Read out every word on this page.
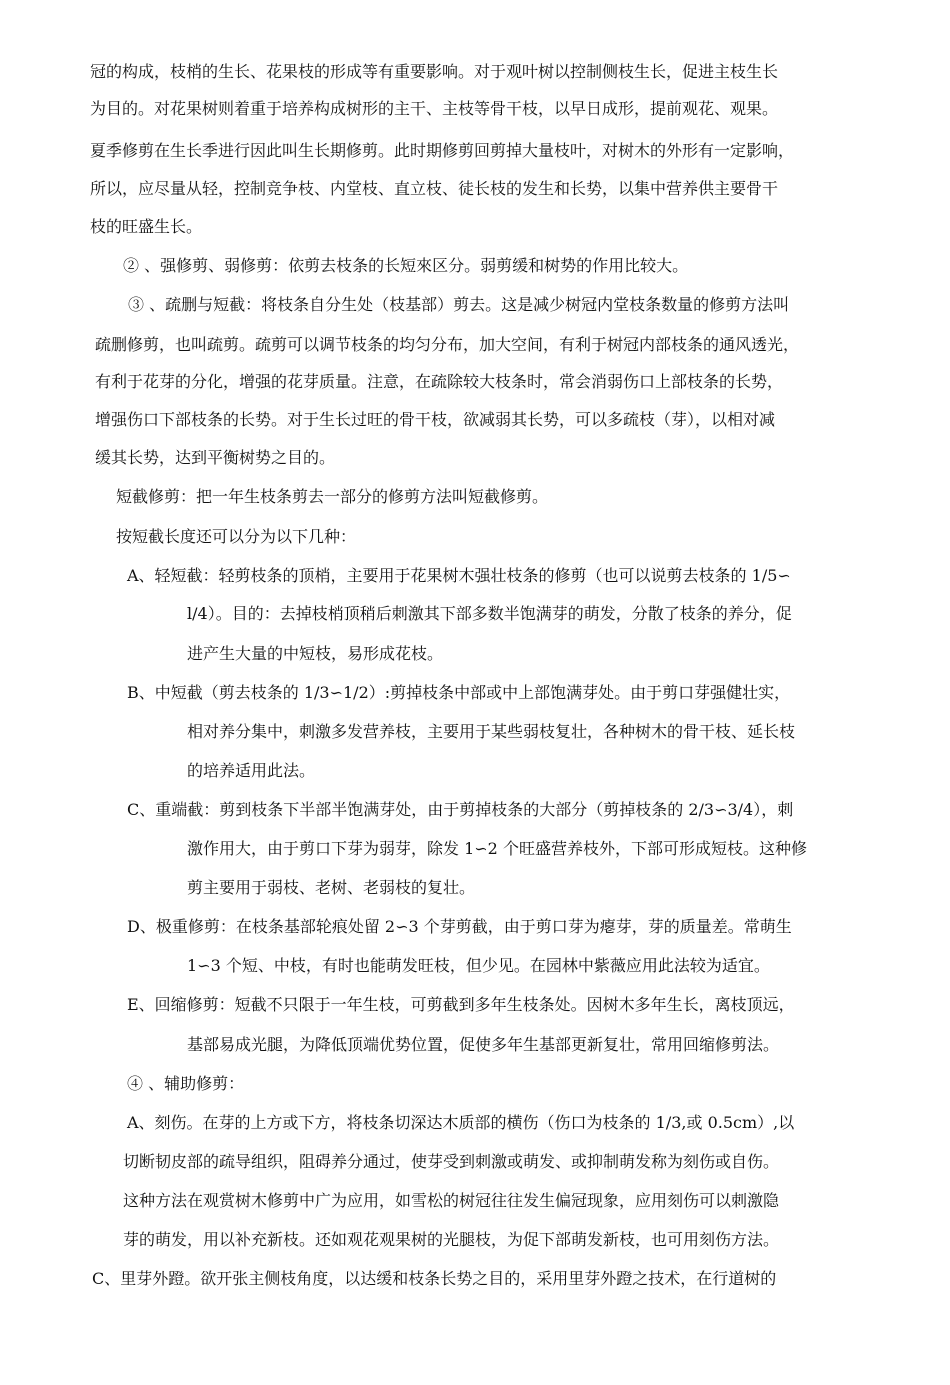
冠的构成，枝梢的生长、花果枝的形成等有重要影响。对于观叶树以控制侧枝生长，促进主枝生长
为目的。对花果树则着重于培养构成树形的主干、主枝等骨干枝，以早日成形，提前观花、观果。
夏季修剪在生长季进行因此叫生长期修剪。此时期修剪回剪掉大量枝叶，对树木的外形有一定影响，
所以，应尽量从轻，控制竞争枝、内堂枝、直立枝、徒长枝的发生和长势，以集中营养供主要骨干
枝的旺盛生长。
② 、强修剪、弱修剪：依剪去枝条的长短來区分。弱剪缓和树势的作用比较大。
③ 、疏删与短截：将枝条自分生处（枝基部）剪去。这是减少树冠内堂枝条数量的修剪方法叫
疏删修剪，也叫疏剪。疏剪可以调节枝条的均匀分布，加大空间，有利于树冠内部枝条的通风透光，
有利于花芽的分化，增强的花芽质量。注意，在疏除较大枝条时，常会消弱伤口上部枝条的长势，
增强伤口下部枝条的长势。对于生长过旺的骨干枝，欲减弱其长势，可以多疏枝（芽），以相对减
缓其长势，达到平衡树势之目的。
短截修剪：把一年生枝条剪去一部分的修剪方法叫短截修剪。
按短截长度还可以分为以下几种：
A、轻短截：轻剪枝条的顶梢，主要用于花果树木强壮枝条的修剪（也可以说剪去枝条的 1/5∽
l/4）。目的：去掉枝梢顶稍后刺激其下部多数半饱满芽的萌发，分散了枝条的养分，促
进产生大量的中短枝，易形成花枝。
B、中短截（剪去枝条的 1/3∽1/2）:剪掉枝条中部或中上部饱满芽处。由于剪口芽强健壮实，
相对养分集中，刺激多发营养枝，主要用于某些弱枝复壮，各种树木的骨干枝、延长枝
的培养适用此法。
C、重端截：剪到枝条下半部半饱满芽处，由于剪掉枝条的大部分（剪掉枝条的 2/3∽3/4），刺
激作用大，由于剪口下芽为弱芽，除发 1∽2 个旺盛营养枝外，下部可形成短枝。这种修
剪主要用于弱枝、老树、老弱枝的复壮。
D、极重修剪：在枝条基部轮痕处留 2∽3 个芽剪截，由于剪口芽为瘪芽，芽的质量差。常萌生
1∽3 个短、中枝，有时也能萌发旺枝，但少见。在园林中紫薇应用此法较为适宜。
E、回缩修剪：短截不只限于一年生枝，可剪截到多年生枝条处。因树木多年生长，离枝顶远，
基部易成光腿，为降低顶端优势位置，促使多年生基部更新复壮，常用回缩修剪法。
④ 、辅助修剪：
A、刻伤。在芽的上方或下方，将枝条切深达木质部的横伤（伤口为枝条的 1/3,或 0.5cm）,以
切断韧皮部的疏导组织，阻碍养分通过，使芽受到刺激或萌发、或抑制萌发称为刻伤或自伤。
这种方法在观赏树木修剪中广为应用，如雪松的树冠往往发生偏冠现象，应用刻伤可以刺激隐
芽的萌发，用以补充新枝。还如观花观果树的光腿枝，为促下部萌发新枝，也可用刻伤方法。
C、里芽外蹬。欲开张主侧枝角度，以达缓和枝条长势之目的，采用里芽外蹬之技术，在行道树的
